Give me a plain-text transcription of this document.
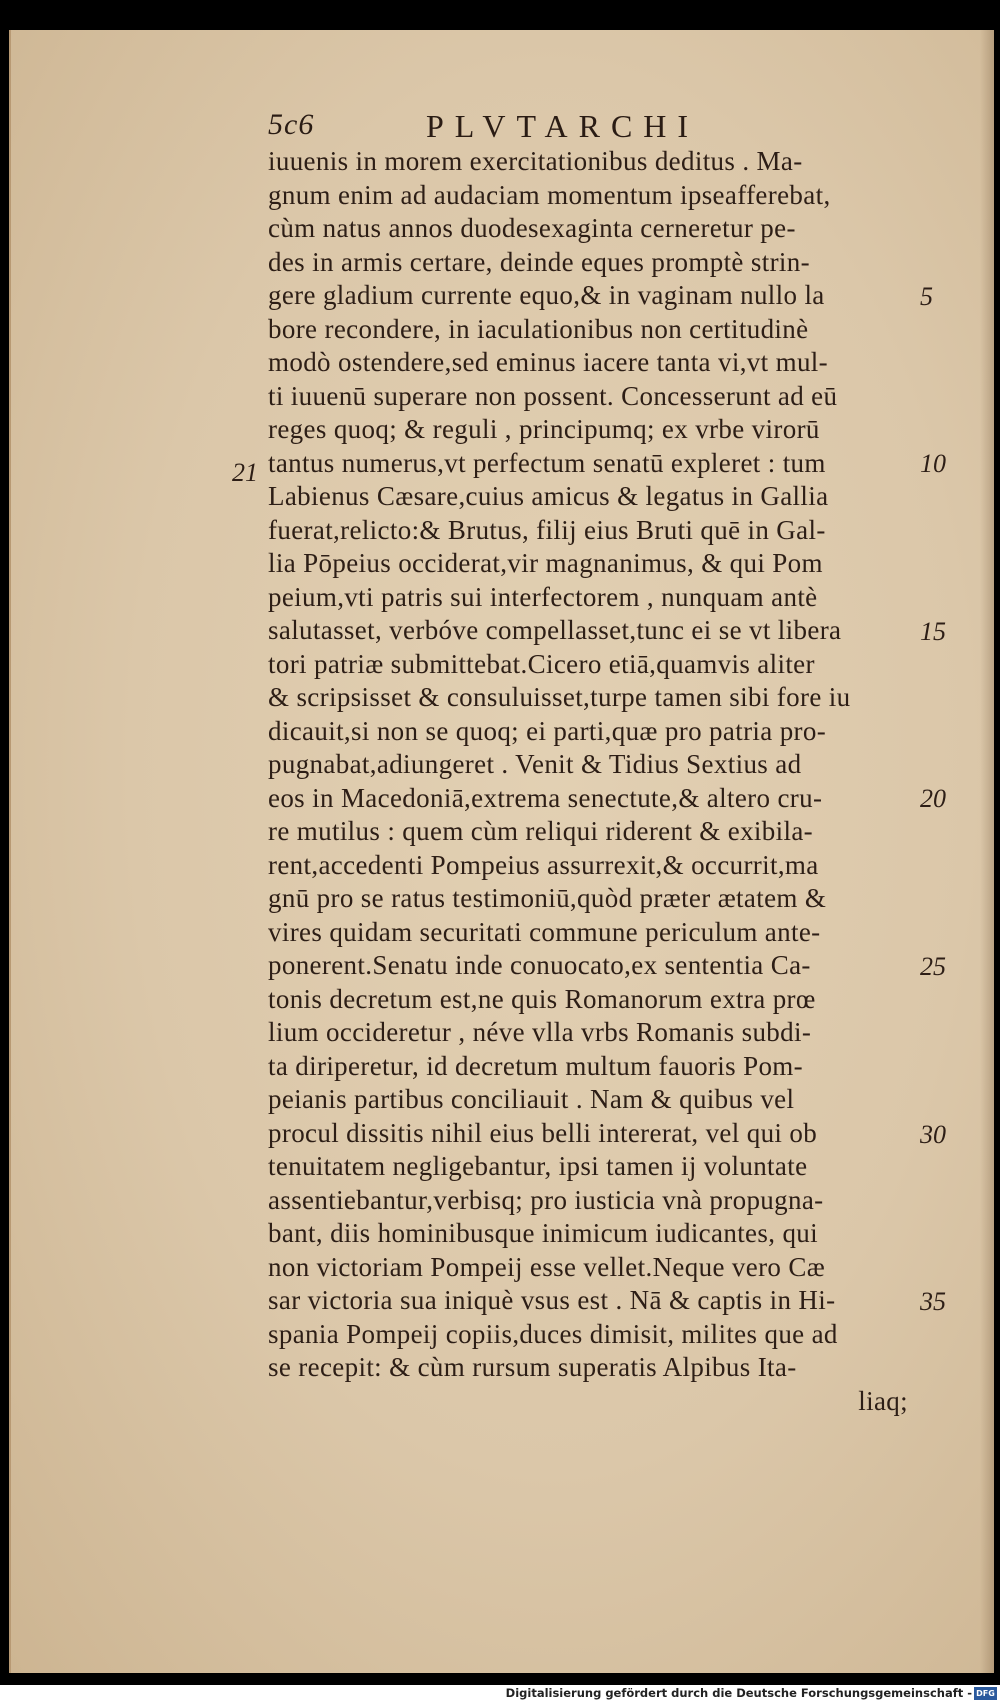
5c6	PLVTARCHI
iuuenis in morem exercitationibus deditus . Ma-
gnum enim ad audaciam momentum ipseafferebat,
cùm natus annos duodesexaginta cerneretur pe-
des in armis certare, deinde eques promptè strin-
gere gladium currente equo,& in vaginam nullo la
bore recondere, in iaculationibus non certitudinè
modò ostendere,sed eminus iacere tanta vi,vt mul-
ti iuuenū superare non possent. Concesserunt ad eū
reges quoq; & reguli , principumq; ex vrbe virorū
tantus numerus,vt perfectum senatū expleret : tum
Labienus Cæsare,cuius amicus & legatus in Gallia
fuerat,relicto:& Brutus, filij eius Bruti quē in Gal-
lia Pōpeius occiderat,vir magnanimus, & qui Pom
peium,vti patris sui interfectorem , nunquam antè
salutasset, verbóve compellasset,tunc ei se vt libera
tori patriæ submittebat.Cicero etiā,quamvis aliter
& scripsisset & consuluisset,turpe tamen sibi fore iu
dicauit,si non se quoq; ei parti,quæ pro patria pro-
pugnabat,adiungeret . Venit & Tidius Sextius ad
eos in Macedoniā,extrema senectute,& altero cru-
re mutilus : quem cùm reliqui riderent & exibila-
rent,accedenti Pompeius assurrexit,& occurrit,ma
gnū pro se ratus testimoniū,quòd præter ætatem &
vires quidam securitati commune periculum ante-
ponerent.Senatu inde conuocato,ex sententia Ca-
tonis decretum est,ne quis Romanorum extra prœ
lium occideretur , néve vlla vrbs Romanis subdi-
ta diriperetur, id decretum multum fauoris Pom-
peianis partibus conciliauit . Nam & quibus vel
procul dissitis nihil eius belli intererat, vel qui ob
tenuitatem negligebantur, ipsi tamen ij voluntate
assentiebantur,verbisq; pro iusticia vnà propugna-
bant, diis hominibusque inimicum iudicantes, qui
non victoriam Pompeij esse vellet.Neque vero Cæ
sar victoria sua iniquè vsus est . Nā & captis in Hi-
spania Pompeij copiis,duces dimisit, milites que ad
se recepit: & cùm rursum superatis Alpibus Ita-
liaq;
5
10
15
20
25
30
35
21
Digitalisierung gefördert durch die Deutsche Forschungsgemeinschaft - DFG
